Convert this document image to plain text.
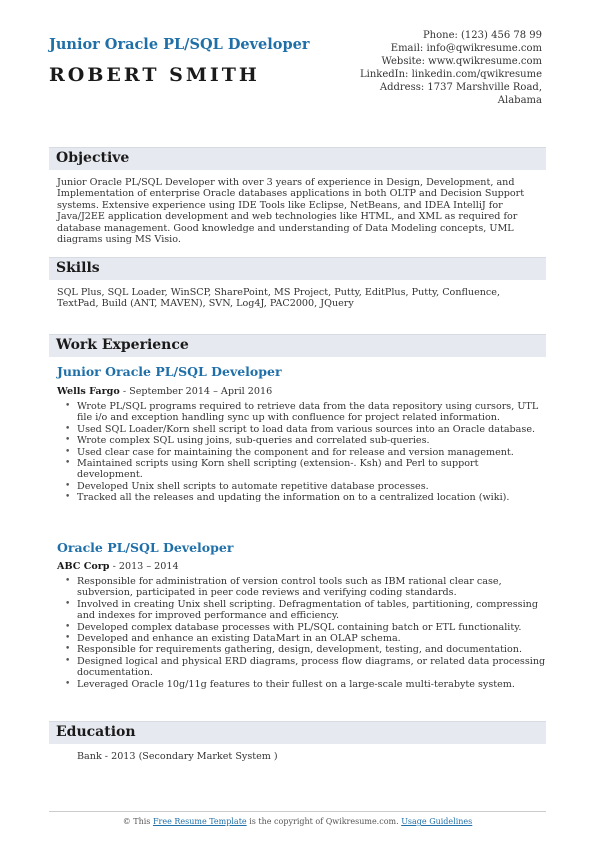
Junior Oracle PL/SQL Developer
ROBERT SMITH
Phone: (123) 456 78 99
Email: info@qwikresume.com
Website: www.qwikresume.com
LinkedIn: linkedin.com/qwikresume
Address: 1737 Marshville Road,
Alabama
Objective
Junior Oracle PL/SQL Developer with over 3 years of experience in Design, Development, and
Implementation of enterprise Oracle databases applications in both OLTP and Decision Support
systems. Extensive experience using IDE Tools like Eclipse, NetBeans, and IDEA IntelliJ for
Java/J2EE application development and web technologies like HTML, and XML as required for
database management. Good knowledge and understanding of Data Modeling concepts, UML
diagrams using MS Visio.
Skills
SQL Plus, SQL Loader, WinSCP, SharePoint, MS Project, Putty, EditPlus, Putty, Confluence,
TextPad, Build (ANT, MAVEN), SVN, Log4J, PAC2000, JQuery
Work Experience
Junior Oracle PL/SQL Developer
Wells Fargo - September 2014 – April 2016
• Wrote PL/SQL programs required to retrieve data from the data repository using cursors, UTL
file i/o and exception handling sync up with confluence for project related information.
• Used SQL Loader/Korn shell script to load data from various sources into an Oracle database.
• Wrote complex SQL using joins, sub-queries and correlated sub-queries.
• Used clear case for maintaining the component and for release and version management.
• Maintained scripts using Korn shell scripting (extension-. Ksh) and Perl to support
development.
• Developed Unix shell scripts to automate repetitive database processes.
• Tracked all the releases and updating the information on to a centralized location (wiki).
Oracle PL/SQL Developer
ABC Corp - 2013 – 2014
• Responsible for administration of version control tools such as IBM rational clear case,
subversion, participated in peer code reviews and verifying coding standards.
• Involved in creating Unix shell scripting. Defragmentation of tables, partitioning, compressing
and indexes for improved performance and efficiency.
• Developed complex database processes with PL/SQL containing batch or ETL functionality.
• Developed and enhance an existing DataMart in an OLAP schema.
• Responsible for requirements gathering, design, development, testing, and documentation.
• Designed logical and physical ERD diagrams, process flow diagrams, or related data processing
documentation.
• Leveraged Oracle 10g/11g features to their fullest on a large-scale multi-terabyte system.
Education
Bank - 2013 (Secondary Market System )
© This Free Resume Template is the copyright of Qwikresume.com. Usage Guidelines
